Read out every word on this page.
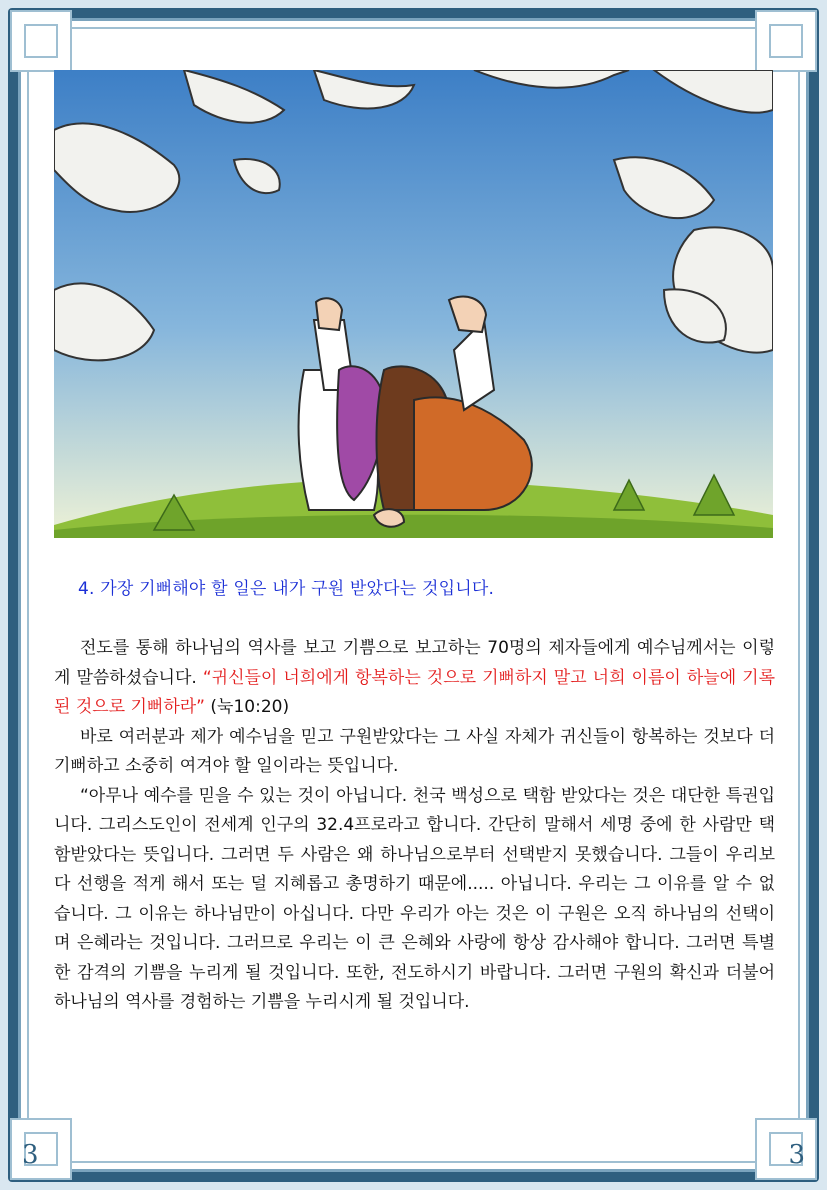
4. 가장 기뻐해야 할 일은 내가 구원 받았다는 것입니다.

전도를 통해 하나님의 역사를 보고 기쁨으로 보고하는 70명의 제자들에게 예수님께서는 이렇게 말씀하셨습니다. “귀신들이 너희에게 항복하는 것으로 기뻐하지 말고 너희 이름이 하늘에 기록된 것으로 기뻐하라” (눅10:20)

바로 여러분과 제가 예수님을 믿고 구원받았다는 그 사실 자체가 귀신들이 항복하는 것보다 더 기뻐하고 소중히 여겨야 할 일이라는 뜻입니다.

“아무나 예수를 믿을 수 있는 것이 아닙니다. 천국 백성으로 택함 받았다는 것은 대단한 특권입니다. 그리스도인이 전세계 인구의 32.4프로라고 합니다. 간단히 말해서 세명 중에 한 사람만 택함받았다는 뜻입니다. 그러면 두 사람은 왜 하나님으로부터 선택받지 못했습니다. 그들이 우리보다 선행을 적게 해서 또는 덜 지혜롭고 총명하기 때문에..... 아닙니다. 우리는 그 이유를 알 수 없습니다. 그 이유는 하나님만이 아십니다. 다만 우리가 아는 것은 이 구원은 오직 하나님의 선택이며 은혜라는 것입니다. 그러므로 우리는 이 큰 은혜와 사랑에 항상 감사해야 합니다. 그러면 특별한 감격의 기쁨을 누리게 될 것입니다. 또한, 전도하시기 바랍니다. 그러면 구원의 확신과 더불어 하나님의 역사를 경험하는 기쁨을 누리시게 될 것입니다.

3	3
